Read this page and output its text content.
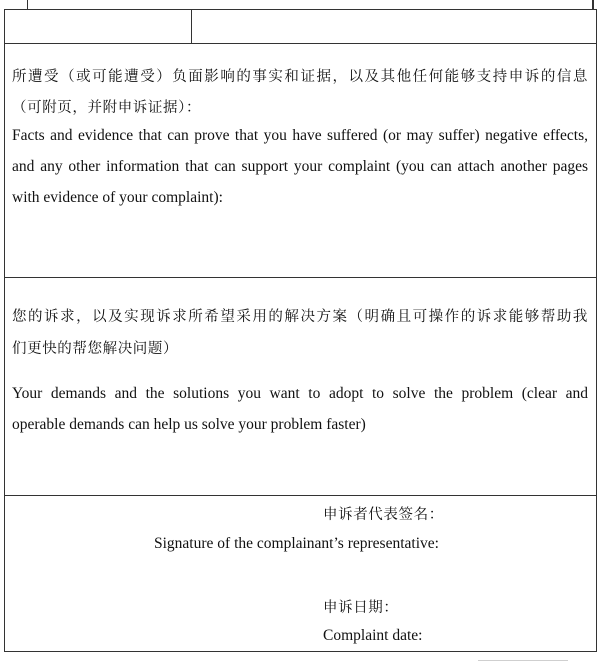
所遭受（或可能遭受）负面影响的事实和证据，以及其他任何能够支持申诉的信息
（可附页，并附申诉证据）：
Facts and evidence that can prove that you have suffered (or may suffer) negative effects,
and any other information that can support your complaint (you can attach another pages
with evidence of your complaint):
您的诉求，以及实现诉求所希望采用的解决方案（明确且可操作的诉求能够帮助我
们更快的帮您解决问题）
Your demands and the solutions you want to adopt to solve the problem (clear and
operable demands can help us solve your problem faster)
申诉者代表签名：
Signature of the complainant’s representative:
申诉日期：
Complaint date:
